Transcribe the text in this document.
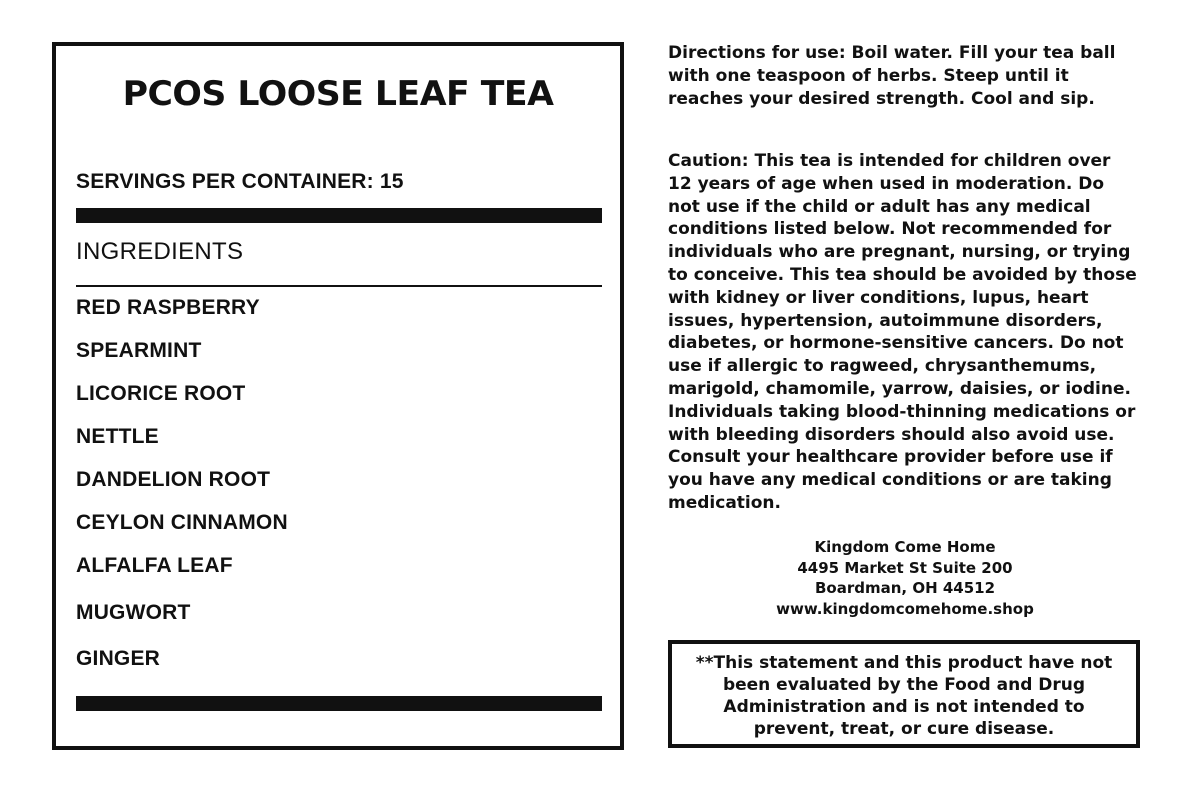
PCOS LOOSE LEAF TEA
SERVINGS PER CONTAINER: 15
INGREDIENTS
RED RASPBERRY
SPEARMINT
LICORICE ROOT
NETTLE
DANDELION ROOT
CEYLON CINNAMON
ALFALFA LEAF
MUGWORT
GINGER

Directions for use: Boil water. Fill your tea ball with one teaspoon of herbs. Steep until it reaches your desired strength. Cool and sip.

Caution: This tea is intended for children over 12 years of age when used in moderation. Do not use if the child or adult has any medical conditions listed below. Not recommended for individuals who are pregnant, nursing, or trying to conceive. This tea should be avoided by those with kidney or liver conditions, lupus, heart issues, hypertension, autoimmune disorders, diabetes, or hormone-sensitive cancers. Do not use if allergic to ragweed, chrysanthemums, marigold, chamomile, yarrow, daisies, or iodine. Individuals taking blood-thinning medications or with bleeding disorders should also avoid use. Consult your healthcare provider before use if you have any medical conditions or are taking medication.

Kingdom Come Home
4495 Market St Suite 200
Boardman, OH 44512
www.kingdomcomehome.shop
**This statement and this product have not been evaluated by the Food and Drug Administration and is not intended to prevent, treat, or cure disease.
